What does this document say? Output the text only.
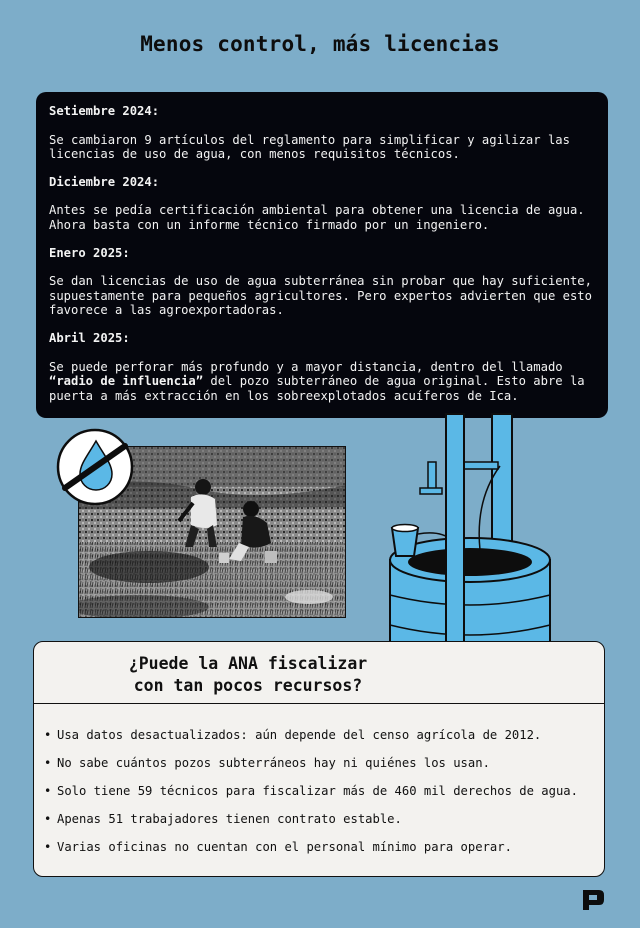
Menos control, más licencias

Setiembre 2024:

Se cambiaron 9 artículos del reglamento para simplificar y agilizar las licencias de uso de agua, con menos requisitos técnicos.

Diciembre 2024:

Antes se pedía certificación ambiental para obtener una licencia de agua. Ahora basta con un informe técnico firmado por un ingeniero.

Enero 2025:

Se dan licencias de uso de agua subterránea sin probar que hay suficiente, supuestamente para pequeños agricultores. Pero expertos advierten que esto favorece a las agroexportadoras.

Abril 2025:

Se puede perforar más profundo y a mayor distancia, dentro del llamado “radio de influencia” del pozo subterráneo de agua original. Esto abre la puerta a más extracción en los sobreexplotados acuíferos de Ica.

¿Puede la ANA fiscalizar
con tan pocos recursos?
• Usa datos desactualizados: aún depende del censo agrícola de 2012.
• No sabe cuántos pozos subterráneos hay ni quiénes los usan.
• Solo tiene 59 técnicos para fiscalizar más de 460 mil derechos de agua.
• Apenas 51 trabajadores tienen contrato estable.
• Varias oficinas no cuentan con el personal mínimo para operar.
